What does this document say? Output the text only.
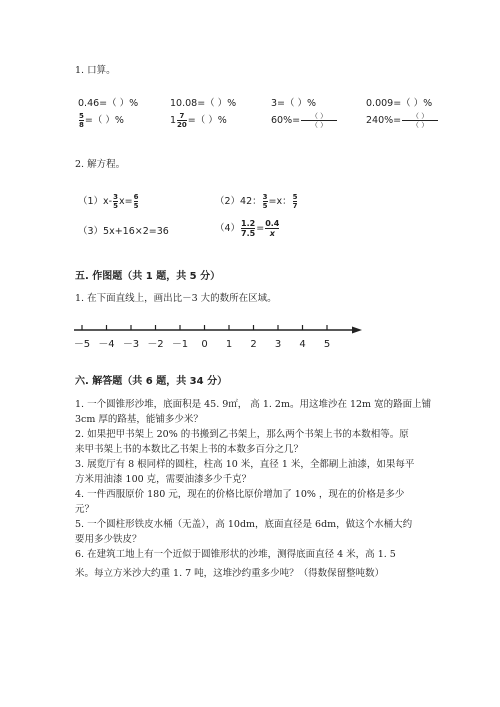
1. 口算。
0.46=（ ）%	10.08=（ ）%	3=（ ）%	0.009=（ ）%
$\frac{5}{8}$ =（ ）%	$1 \frac{7}{20}$ =（ ）%	$60\%= \frac{( )}{( )}$	$240\%= \frac{( )}{( )}$
2. 解方程。
$(1)x- \frac{3}{5} x= \frac{6}{5}$	（2）42： $\frac{3}{5} =x$： $\frac{5}{7}$
（3）5x+16×2=36	$(4) \frac{1.2}{7.5} = \frac{0.4}{x}$
五. 作图题（共 1 题，共 5 分）
1. 在下面直线上，画出比－3 大的数所在区域。
－5 －4 －3 －2 －1 0 1 2 3 4 5
六. 解答题（共 6 题，共 34 分）
1. 一个圆锥形沙堆，底面积是 45. 9㎡， 高 1. 2m。用这堆沙在 12m 宽的路面上铺
3cm 厚的路基，能铺多少米？
2. 如果把甲书架上 20% 的书搬到乙书架上，那么两个书架上书的本数相等。原
来甲书架上书的本数比乙书架上书的本数多百分之几？
3. 展览厅有 8 根同样的圆柱，柱高 10 米，直径 1 米，全都刷上油漆，如果每平
方米用油漆 100 克，需要油漆多少千克？
4. 一件西服原价 180 元，现在的价格比原价增加了 10% ，现在的价格是多少
元？
5. 一个圆柱形铁皮水桶（无盖），高 10dm，底面直径是 6dm，做这个水桶大约
要用多少铁皮？
6. 在建筑工地上有一个近似于圆锥形状的沙堆，测得底面直径 4 米，高 1. 5
米。每立方米沙大约重 1. 7 吨，这堆沙约重多少吨？（得数保留整吨数）
